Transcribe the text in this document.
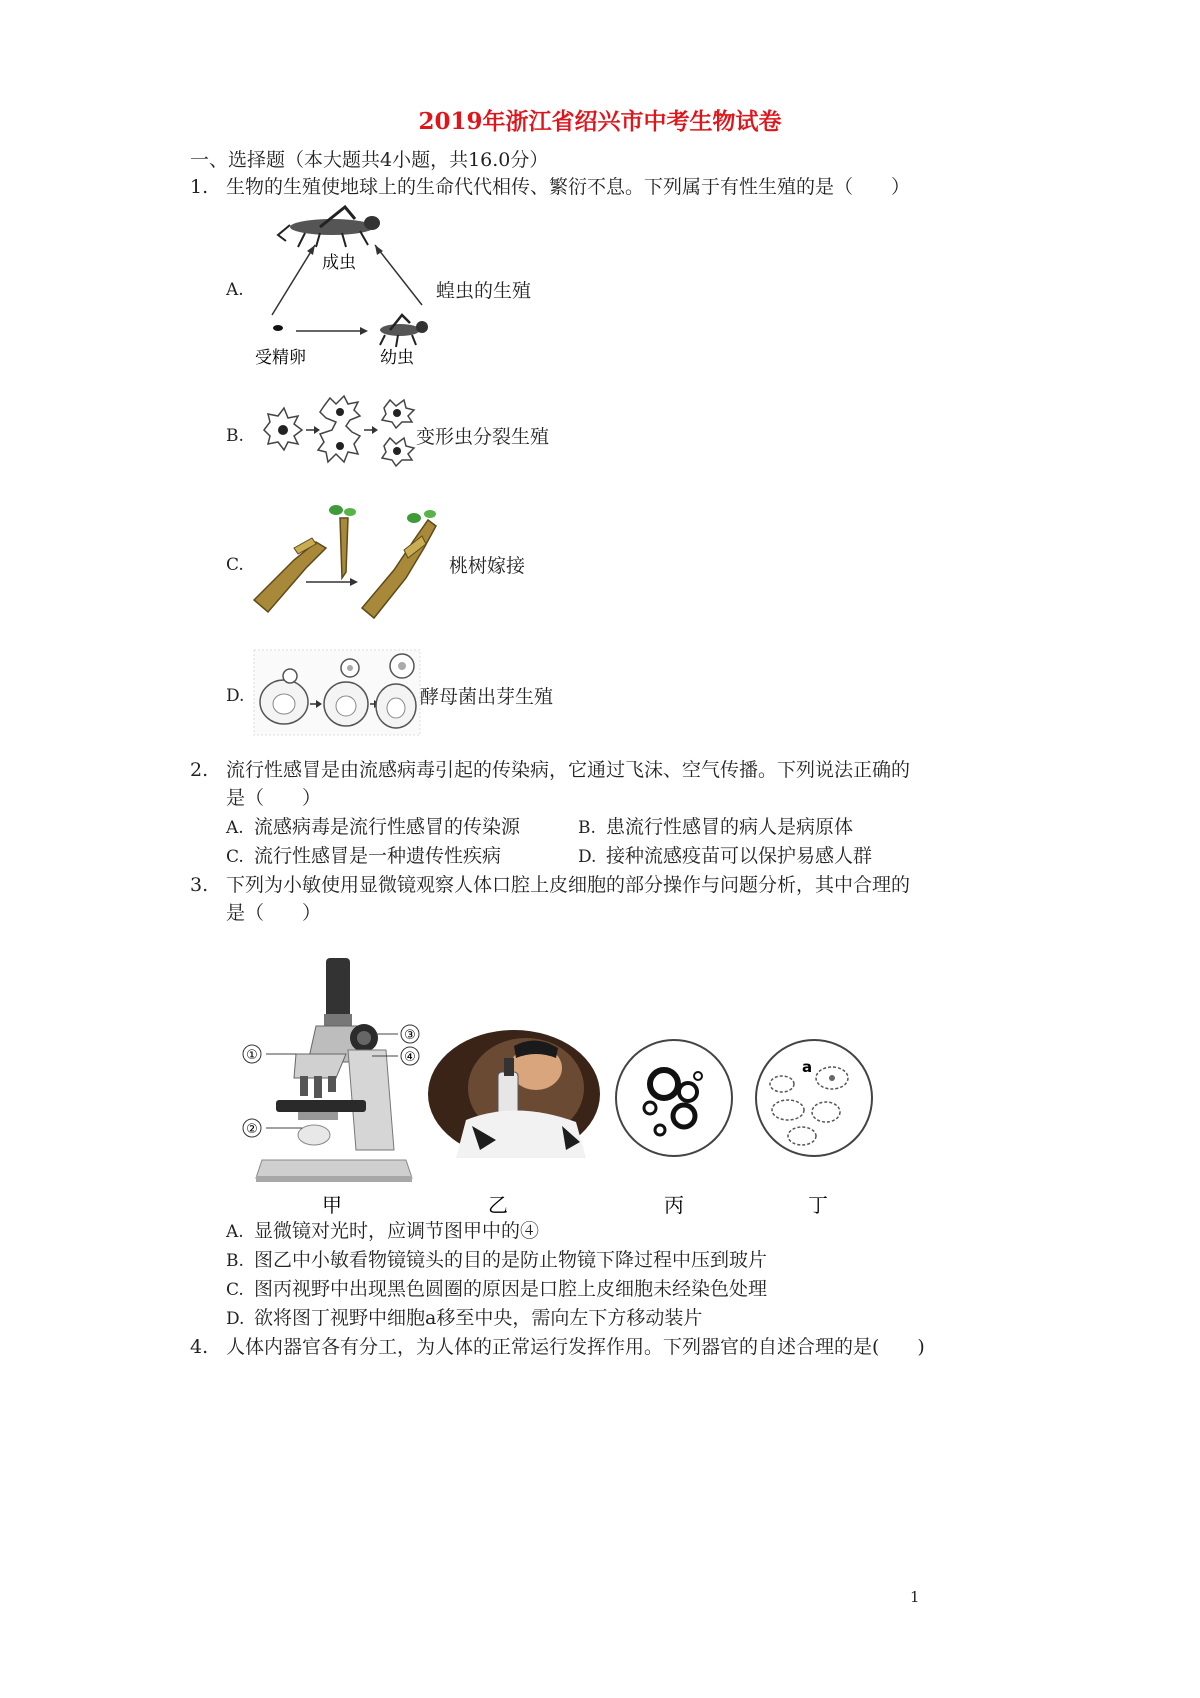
2019年浙江省绍兴市中考生物试卷
一、选择题（本大题共4小题，共16.0分）
1. 生物的生殖使地球上的生命代代相传、繁衍不息。下列属于有性生殖的是（　　）
A.
成虫
受精卵	幼虫
蝗虫的生殖
B.	变形虫分裂生殖
C.	桃树嫁接
D.	酵母菌出芽生殖
2. 流行性感冒是由流感病毒引起的传染病，它通过飞沫、空气传播。下列说法正确的
是（　　）
A. 流感病毒是流行性感冒的传染源	B. 患流行性感冒的病人是病原体
C. 流行性感冒是一种遗传性疾病	D. 接种流感疫苗可以保护易感人群
3. 下列为小敏使用显微镜观察人体口腔上皮细胞的部分操作与问题分析，其中合理的
是（　　）
①
②
③
④
a
甲	乙	丙	丁
A. 显微镜对光时，应调节图甲中的④
B. 图乙中小敏看物镜镜头的目的是防止物镜下降过程中压到玻片
C. 图丙视野中出现黑色圆圈的原因是口腔上皮细胞未经染色处理
D. 欲将图丁视野中细胞a移至中央，需向左下方移动装片
4. 人体内器官各有分工，为人体的正常运行发挥作用。下列器官的自述合理的是(　　)
1
